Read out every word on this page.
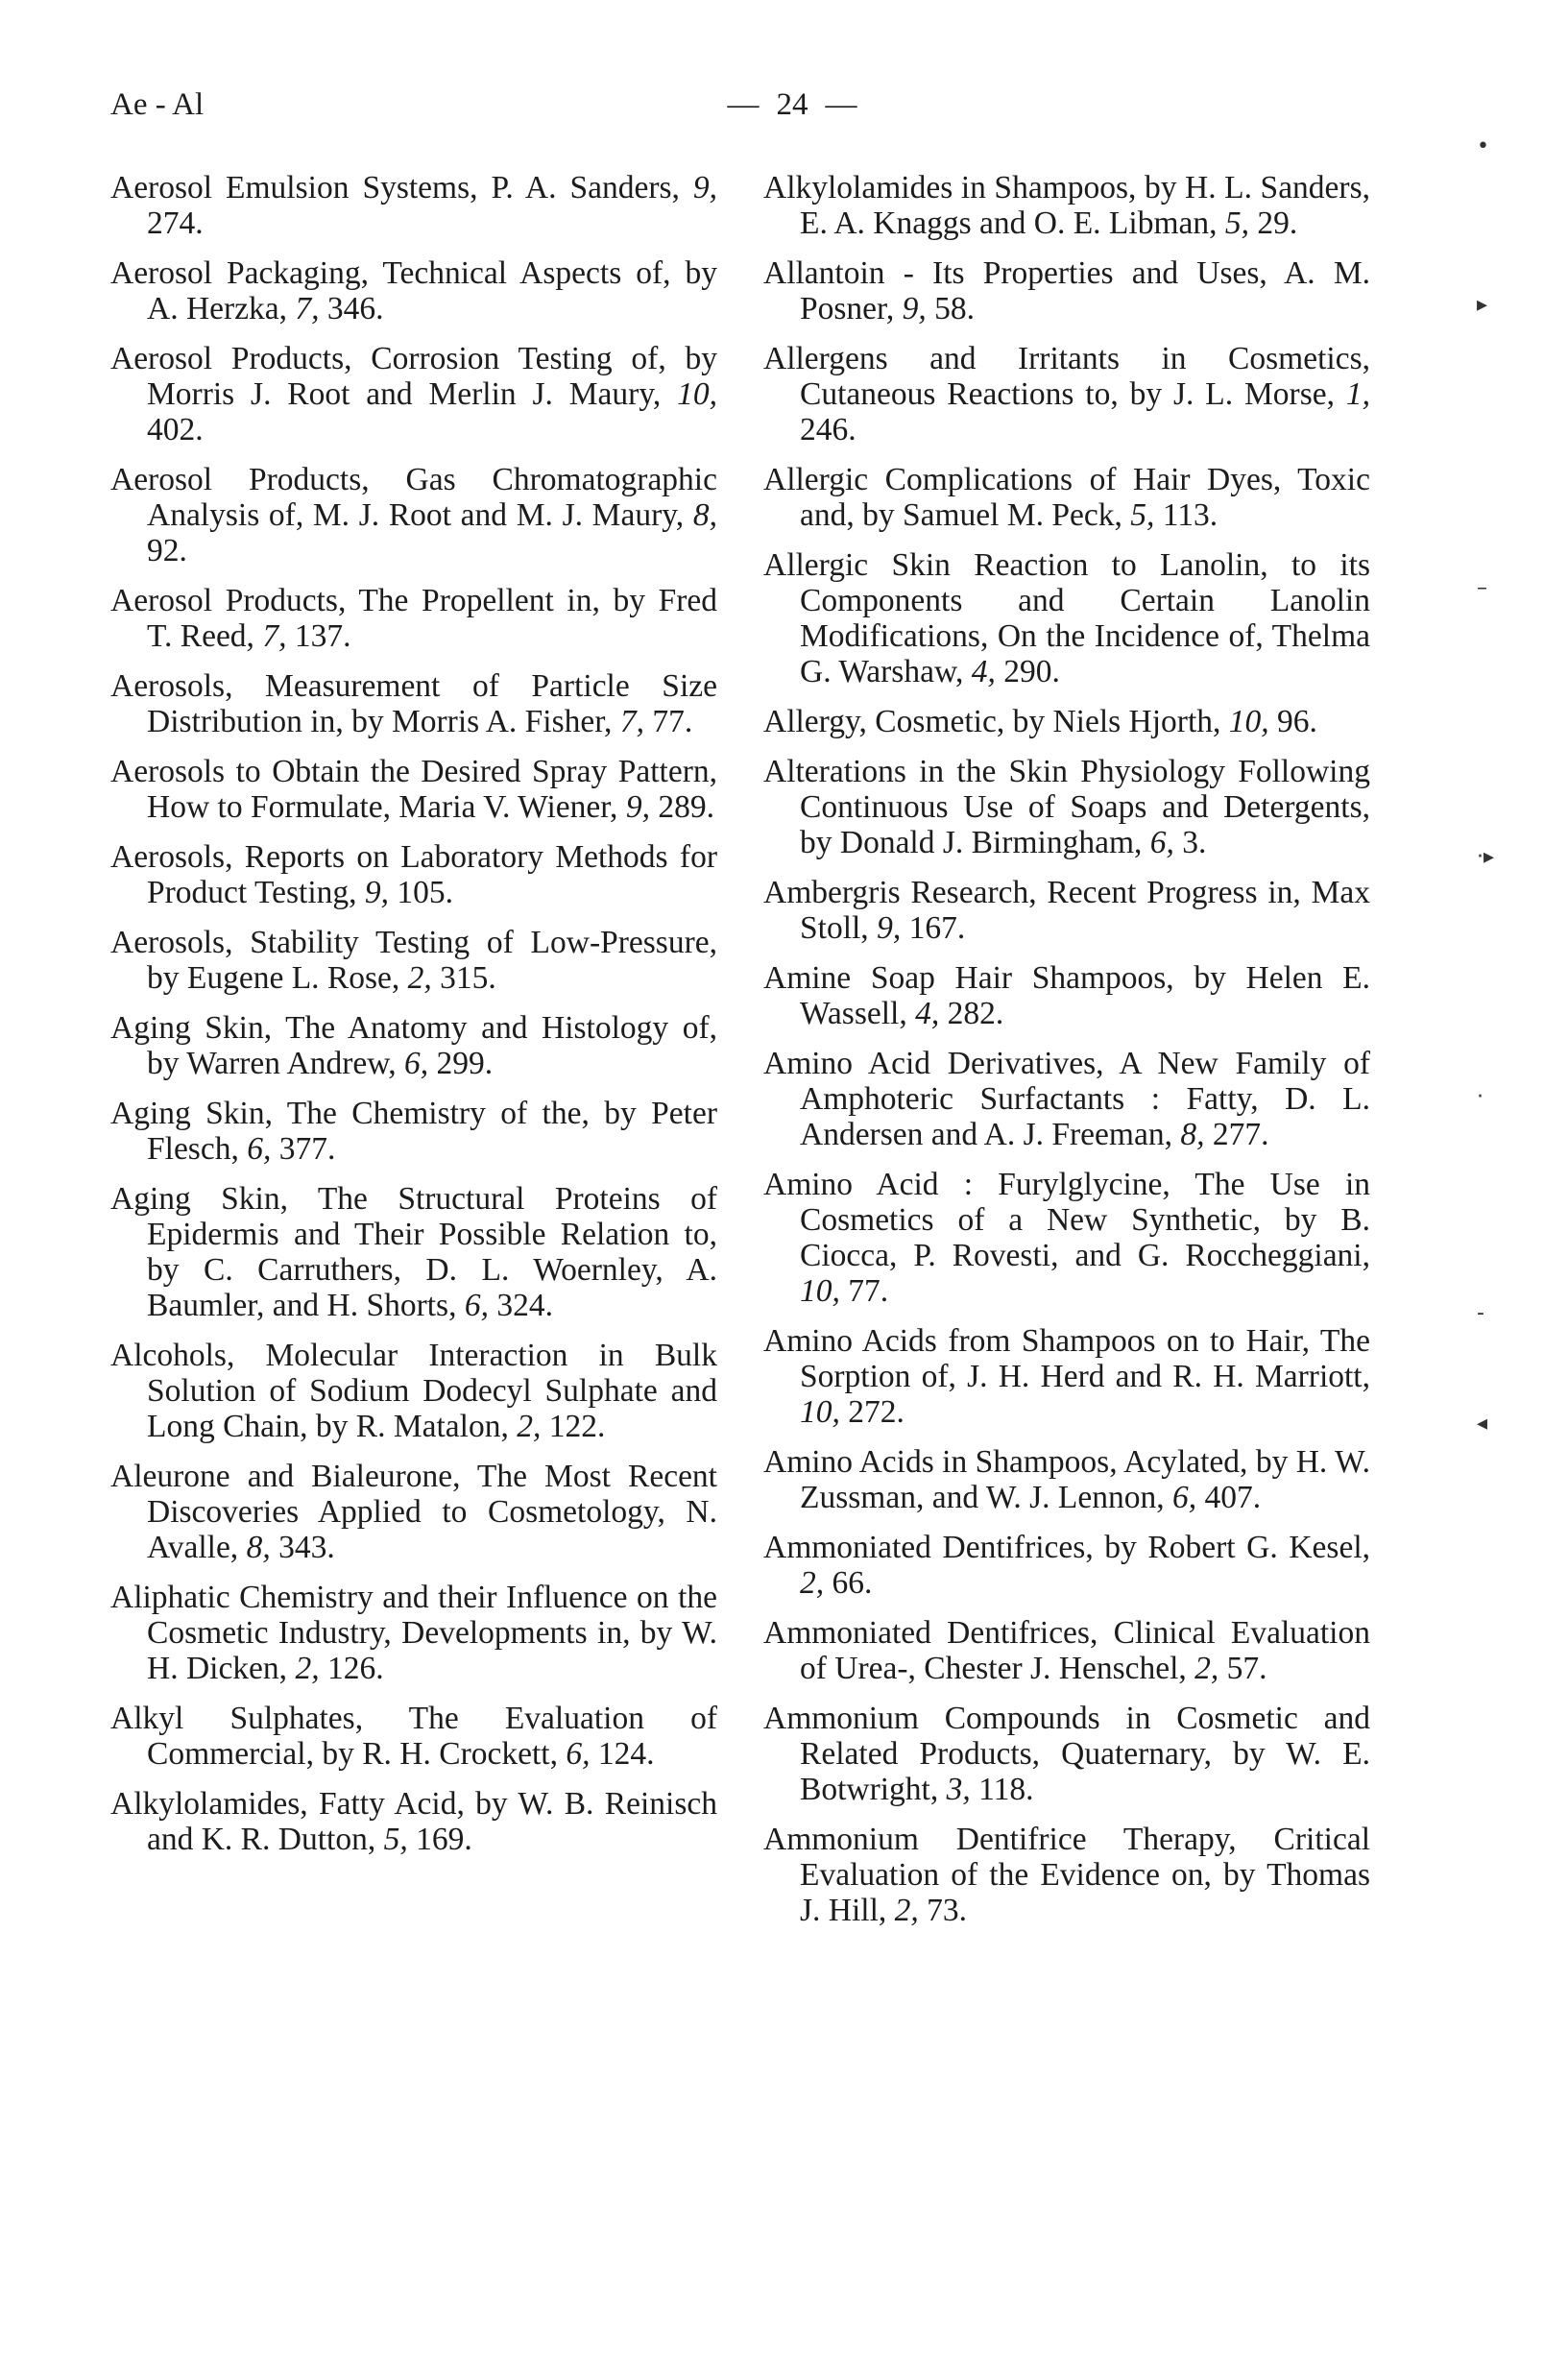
Ae - Al	— 24 —

Aerosol Emulsion Systems, P. A. Sanders, 9, 274.

Aerosol Packaging, Technical Aspects of, by A. Herzka, 7, 346.

Aerosol Products, Corrosion Testing of, by Morris J. Root and Merlin J. Maury, 10, 402.

Aerosol Products, Gas Chromatographic Analysis of, M. J. Root and M. J. Maury, 8, 92.

Aerosol Products, The Propellent in, by Fred T. Reed, 7, 137.

Aerosols, Measurement of Particle Size Distribution in, by Morris A. Fisher, 7, 77.

Aerosols to Obtain the Desired Spray Pattern, How to Formulate, Maria V. Wiener, 9, 289.

Aerosols, Reports on Laboratory Methods for Product Testing, 9, 105.

Aerosols, Stability Testing of Low-Pressure, by Eugene L. Rose, 2, 315.

Aging Skin, The Anatomy and Histology of, by Warren Andrew, 6, 299.

Aging Skin, The Chemistry of the, by Peter Flesch, 6, 377.

Aging Skin, The Structural Proteins of Epidermis and Their Possible Relation to, by C. Carruthers, D. L. Woernley, A. Baumler, and H. Shorts, 6, 324.

Alcohols, Molecular Interaction in Bulk Solution of Sodium Dodecyl Sulphate and Long Chain, by R. Matalon, 2, 122.

Aleurone and Bialeurone, The Most Recent Discoveries Applied to Cosmetology, N. Avalle, 8, 343.

Aliphatic Chemistry and their Influence on the Cosmetic Industry, Developments in, by W. H. Dicken, 2, 126.

Alkyl Sulphates, The Evaluation of Commercial, by R. H. Crockett, 6, 124.

Alkylolamides, Fatty Acid, by W. B. Reinisch and K. R. Dutton, 5, 169.

Alkylolamides in Shampoos, by H. L. Sanders, E. A. Knaggs and O. E. Libman, 5, 29.

Allantoin - Its Properties and Uses, A. M. Posner, 9, 58.

Allergens and Irritants in Cosmetics, Cutaneous Reactions to, by J. L. Morse, 1, 246.

Allergic Complications of Hair Dyes, Toxic and, by Samuel M. Peck, 5, 113.

Allergic Skin Reaction to Lanolin, to its Components and Certain Lanolin Modifications, On the Incidence of, Thelma G. Warshaw, 4, 290.

Allergy, Cosmetic, by Niels Hjorth, 10, 96.

Alterations in the Skin Physiology Following Continuous Use of Soaps and Detergents, by Donald J. Birmingham, 6, 3.

Ambergris Research, Recent Progress in, Max Stoll, 9, 167.

Amine Soap Hair Shampoos, by Helen E. Wassell, 4, 282.

Amino Acid Derivatives, A New Family of Amphoteric Surfactants : Fatty, D. L. Andersen and A. J. Freeman, 8, 277.

Amino Acid : Furylglycine, The Use in Cosmetics of a New Synthetic, by B. Ciocca, P. Rovesti, and G. Roccheggiani, 10, 77.

Amino Acids from Shampoos on to Hair, The Sorption of, J. H. Herd and R. H. Marriott, 10, 272.

Amino Acids in Shampoos, Acylated, by H. W. Zussman, and W. J. Lennon, 6, 407.

Ammoniated Dentifrices, by Robert G. Kesel, 2, 66.

Ammoniated Dentifrices, Clinical Evaluation of Urea-, Chester J. Henschel, 2, 57.

Ammonium Compounds in Cosmetic and Related Products, Quaternary, by W. E. Botwright, 3, 118.

Ammonium Dentifrice Therapy, Critical Evaluation of the Evidence on, by Thomas J. Hill, 2, 73.

•
▸
–
·▸
·
‑
◂
